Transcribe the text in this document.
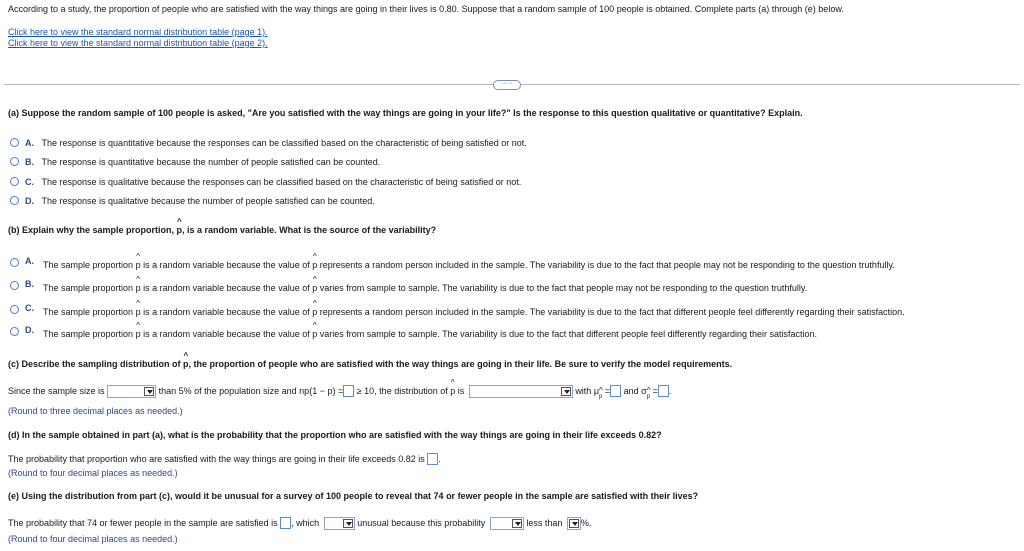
According to a study, the proportion of people who are satisfied with the way things are going in their lives is 0.80. Suppose that a random sample of 100 people is obtained. Complete parts (a) through (e) below.
Click here to view the standard normal distribution table (page 1).
Click here to view the standard normal distribution table (page 2).
·····
(a) Suppose the random sample of 100 people is asked, "Are you satisfied with the way things are going in your life?" Is the response to this question qualitative or quantitative? Explain.
A. The response is quantitative because the responses can be classified based on the characteristic of being satisfied or not.
B. The response is quantitative because the number of people satisfied can be counted.
C. The response is qualitative because the responses can be classified based on the characteristic of being satisfied or not.
D. The response is qualitative because the number of people satisfied can be counted.
(b) Explain why the sample proportion, ^ p, is a random variable. What is the source of the variability?
A. The sample proportion ^ p is a random variable because the value of ^ p represents a random person included in the sample. The variability is due to the fact that people may not be responding to the question truthfully.
B. The sample proportion ^ p is a random variable because the value of ^ p varies from sample to sample. The variability is due to the fact that people may not be responding to the question truthfully.
C. The sample proportion ^ p is a random variable because the value of ^ p represents a random person included in the sample. The variability is due to the fact that different people feel differently regarding their satisfaction.
D. The sample proportion ^ p is a random variable because the value of ^ p varies from sample to sample. The variability is due to the fact that different people feel differently regarding their satisfaction.
(c) Describe the sampling distribution of ^ p, the proportion of people who are satisfied with the way things are going in their life. Be sure to verify the model requirements.
Since the sample size is	than 5% of the population size and np(1 − p) = ≥ 10, the distribution of ^ p is	with μ^ $_p$ = and σ^ $_p$ = .
(Round to three decimal places as needed.)
(d) In the sample obtained in part (a), what is the probability that the proportion who are satisfied with the way things are going in their life exceeds 0.82?
The probability that proportion who are satisfied with the way things are going in their life exceeds 0.82 is .
(Round to four decimal places as needed.)
(e) Using the distribution from part (c), would it be unusual for a survey of 100 people to reveal that 74 or fewer people in the sample are satisfied with their lives?
The probability that 74 or fewer people in the sample are satisfied is , which	unusual because this probability	less than %.
(Round to four decimal places as needed.)
